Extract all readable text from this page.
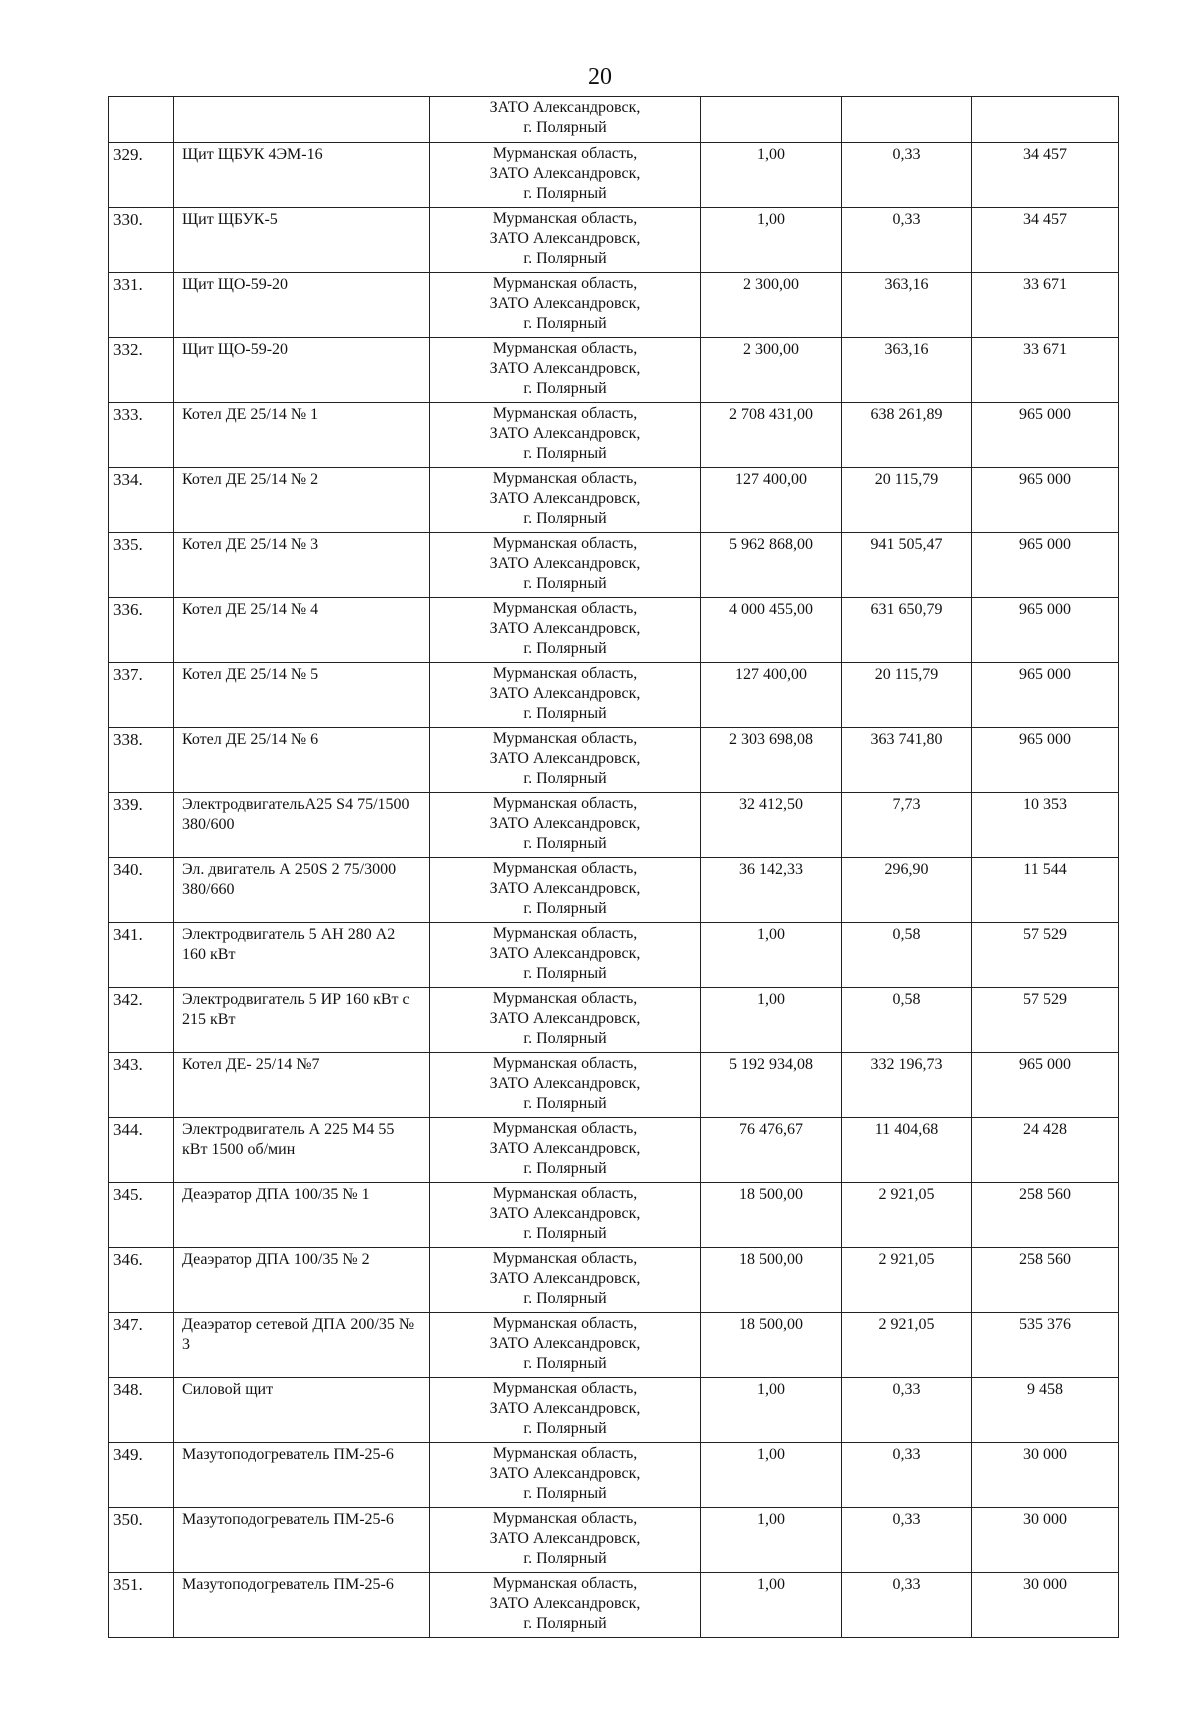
20

		ЗАТО Александровск,
г. Полярный			

329.	Щит ЩБУК 4ЭМ-16	Мурманская область,
ЗАТО Александровск,
г. Полярный	1,00	0,33	34 457
330.	Щит ЩБУК-5	Мурманская область,
ЗАТО Александровск,
г. Полярный	1,00	0,33	34 457
331.	Щит ЩО-59-20	Мурманская область,
ЗАТО Александровск,
г. Полярный	2 300,00	363,16	33 671
332.	Щит ЩО-59-20	Мурманская область,
ЗАТО Александровск,
г. Полярный	2 300,00	363,16	33 671
333.	Котел ДЕ 25/14 № 1	Мурманская область,
ЗАТО Александровск,
г. Полярный	2 708 431,00	638 261,89	965 000
334.	Котел ДЕ 25/14 № 2	Мурманская область,
ЗАТО Александровск,
г. Полярный	127 400,00	20 115,79	965 000
335.	Котел ДЕ 25/14 № 3	Мурманская область,
ЗАТО Александровск,
г. Полярный	5 962 868,00	941 505,47	965 000
336.	Котел ДЕ 25/14 № 4	Мурманская область,
ЗАТО Александровск,
г. Полярный	4 000 455,00	631 650,79	965 000
337.	Котел ДЕ 25/14 № 5	Мурманская область,
ЗАТО Александровск,
г. Полярный	127 400,00	20 115,79	965 000
338.	Котел ДЕ 25/14 № 6	Мурманская область,
ЗАТО Александровск,
г. Полярный	2 303 698,08	363 741,80	965 000
339.	ЭлектродвигательА25 S4 75/1500 380/600	Мурманская область,
ЗАТО Александровск,
г. Полярный	32 412,50	7,73	10 353
340.	Эл. двигатель А 250S 2 75/3000 380/660	Мурманская область,
ЗАТО Александровск,
г. Полярный	36 142,33	296,90	11 544
341.	Электродвигатель 5 АН 280 А2 160 кВт	Мурманская область,
ЗАТО Александровск,
г. Полярный	1,00	0,58	57 529
342.	Электродвигатель 5 ИР 160 кВт с 215 кВт	Мурманская область,
ЗАТО Александровск,
г. Полярный	1,00	0,58	57 529
343.	Котел ДЕ- 25/14 №7	Мурманская область,
ЗАТО Александровск,
г. Полярный	5 192 934,08	332 196,73	965 000
344.	Электродвигатель А 225 М4 55 кВт 1500 об/мин	Мурманская область,
ЗАТО Александровск,
г. Полярный	76 476,67	11 404,68	24 428
345.	Деаэратор ДПА 100/35 № 1	Мурманская область,
ЗАТО Александровск,
г. Полярный	18 500,00	2 921,05	258 560
346.	Деаэратор ДПА 100/35 № 2	Мурманская область,
ЗАТО Александровск,
г. Полярный	18 500,00	2 921,05	258 560
347.	Деаэратор сетевой ДПА 200/35 № 3	Мурманская область,
ЗАТО Александровск,
г. Полярный	18 500,00	2 921,05	535 376
348.	Силовой щит	Мурманская область,
ЗАТО Александровск,
г. Полярный	1,00	0,33	9 458
349.	Мазутоподогреватель ПМ-25-6	Мурманская область,
ЗАТО Александровск,
г. Полярный	1,00	0,33	30 000
350.	Мазутоподогреватель ПМ-25-6	Мурманская область,
ЗАТО Александровск,
г. Полярный	1,00	0,33	30 000
351.	Мазутоподогреватель ПМ-25-6	Мурманская область,
ЗАТО Александровск,
г. Полярный	1,00	0,33	30 000
